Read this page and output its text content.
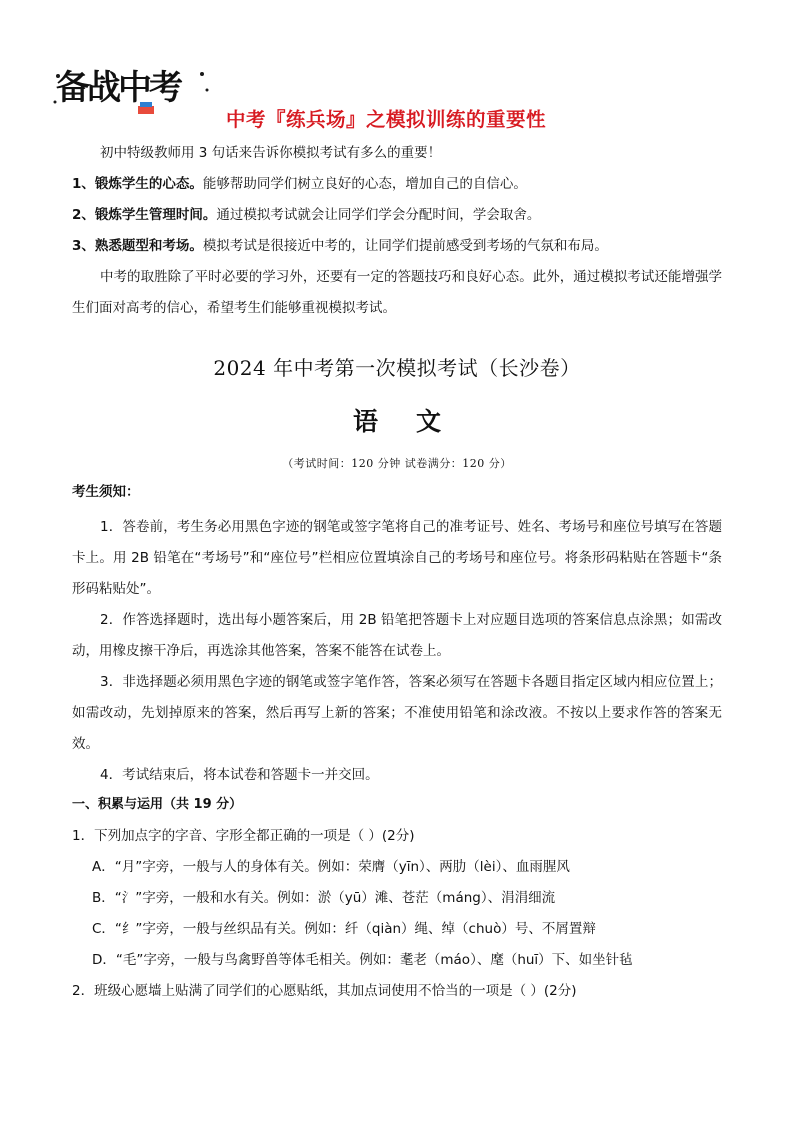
备战中考
中考『练兵场』之模拟训练的重要性
初中特级教师用 3 句话来告诉你模拟考试有多么的重要！
1、锻炼学生的心态。能够帮助同学们树立良好的心态，增加自己的自信心。
2、锻炼学生管理时间。通过模拟考试就会让同学们学会分配时间，学会取舍。
3、熟悉题型和考场。模拟考试是很接近中考的，让同学们提前感受到考场的气氛和布局。
中考的取胜除了平时必要的学习外，还要有一定的答题技巧和良好心态。此外，通过模拟考试还能增强学生们面对高考的信心，希望考生们能够重视模拟考试。
2024 年中考第一次模拟考试（长沙卷）
语文
（考试时间：120 分钟 试卷满分：120 分）
考生须知：
1．答卷前，考生务必用黑色字迹的钢笔或签字笔将自己的准考证号、姓名、考场号和座位号填写在答题卡上。用 2B 铅笔在“考场号”和“座位号”栏相应位置填涂自己的考场号和座位号。将条形码粘贴在答题卡“条形码粘贴处”。
2．作答选择题时，选出每小题答案后，用 2B 铅笔把答题卡上对应题目选项的答案信息点涂黑；如需改动，用橡皮擦干净后，再选涂其他答案，答案不能答在试卷上。
3．非选择题必须用黑色字迹的钢笔或签字笔作答，答案必须写在答题卡各题目指定区域内相应位置上；如需改动，先划掉原来的答案，然后再写上新的答案；不准使用铅笔和涂改液。不按以上要求作答的答案无效。
4．考试结束后，将本试卷和答题卡一并交回。
一、积累与运用（共 19 分）
1．下列加点字的字音、字形全都正确的一项是（ ）(2分)
A．“月”字旁，一般与人的身体有关。例如：荣膺（yīn）、两肋（lèi）、血雨腥风
B．“氵”字旁，一般和水有关。例如：淤（yū）滩、苍茫（máng）、涓涓细流
C．“纟”字旁，一般与丝织品有关。例如：纤（qiàn）绳、绰（chuò）号、不屑置辩
D．“毛”字旁，一般与鸟禽野兽等体毛相关。例如：耄老（máo）、麾（huī）下、如坐针毡
2．班级心愿墙上贴满了同学们的心愿贴纸，其加点词使用不恰当的一项是（ ）(2分)
